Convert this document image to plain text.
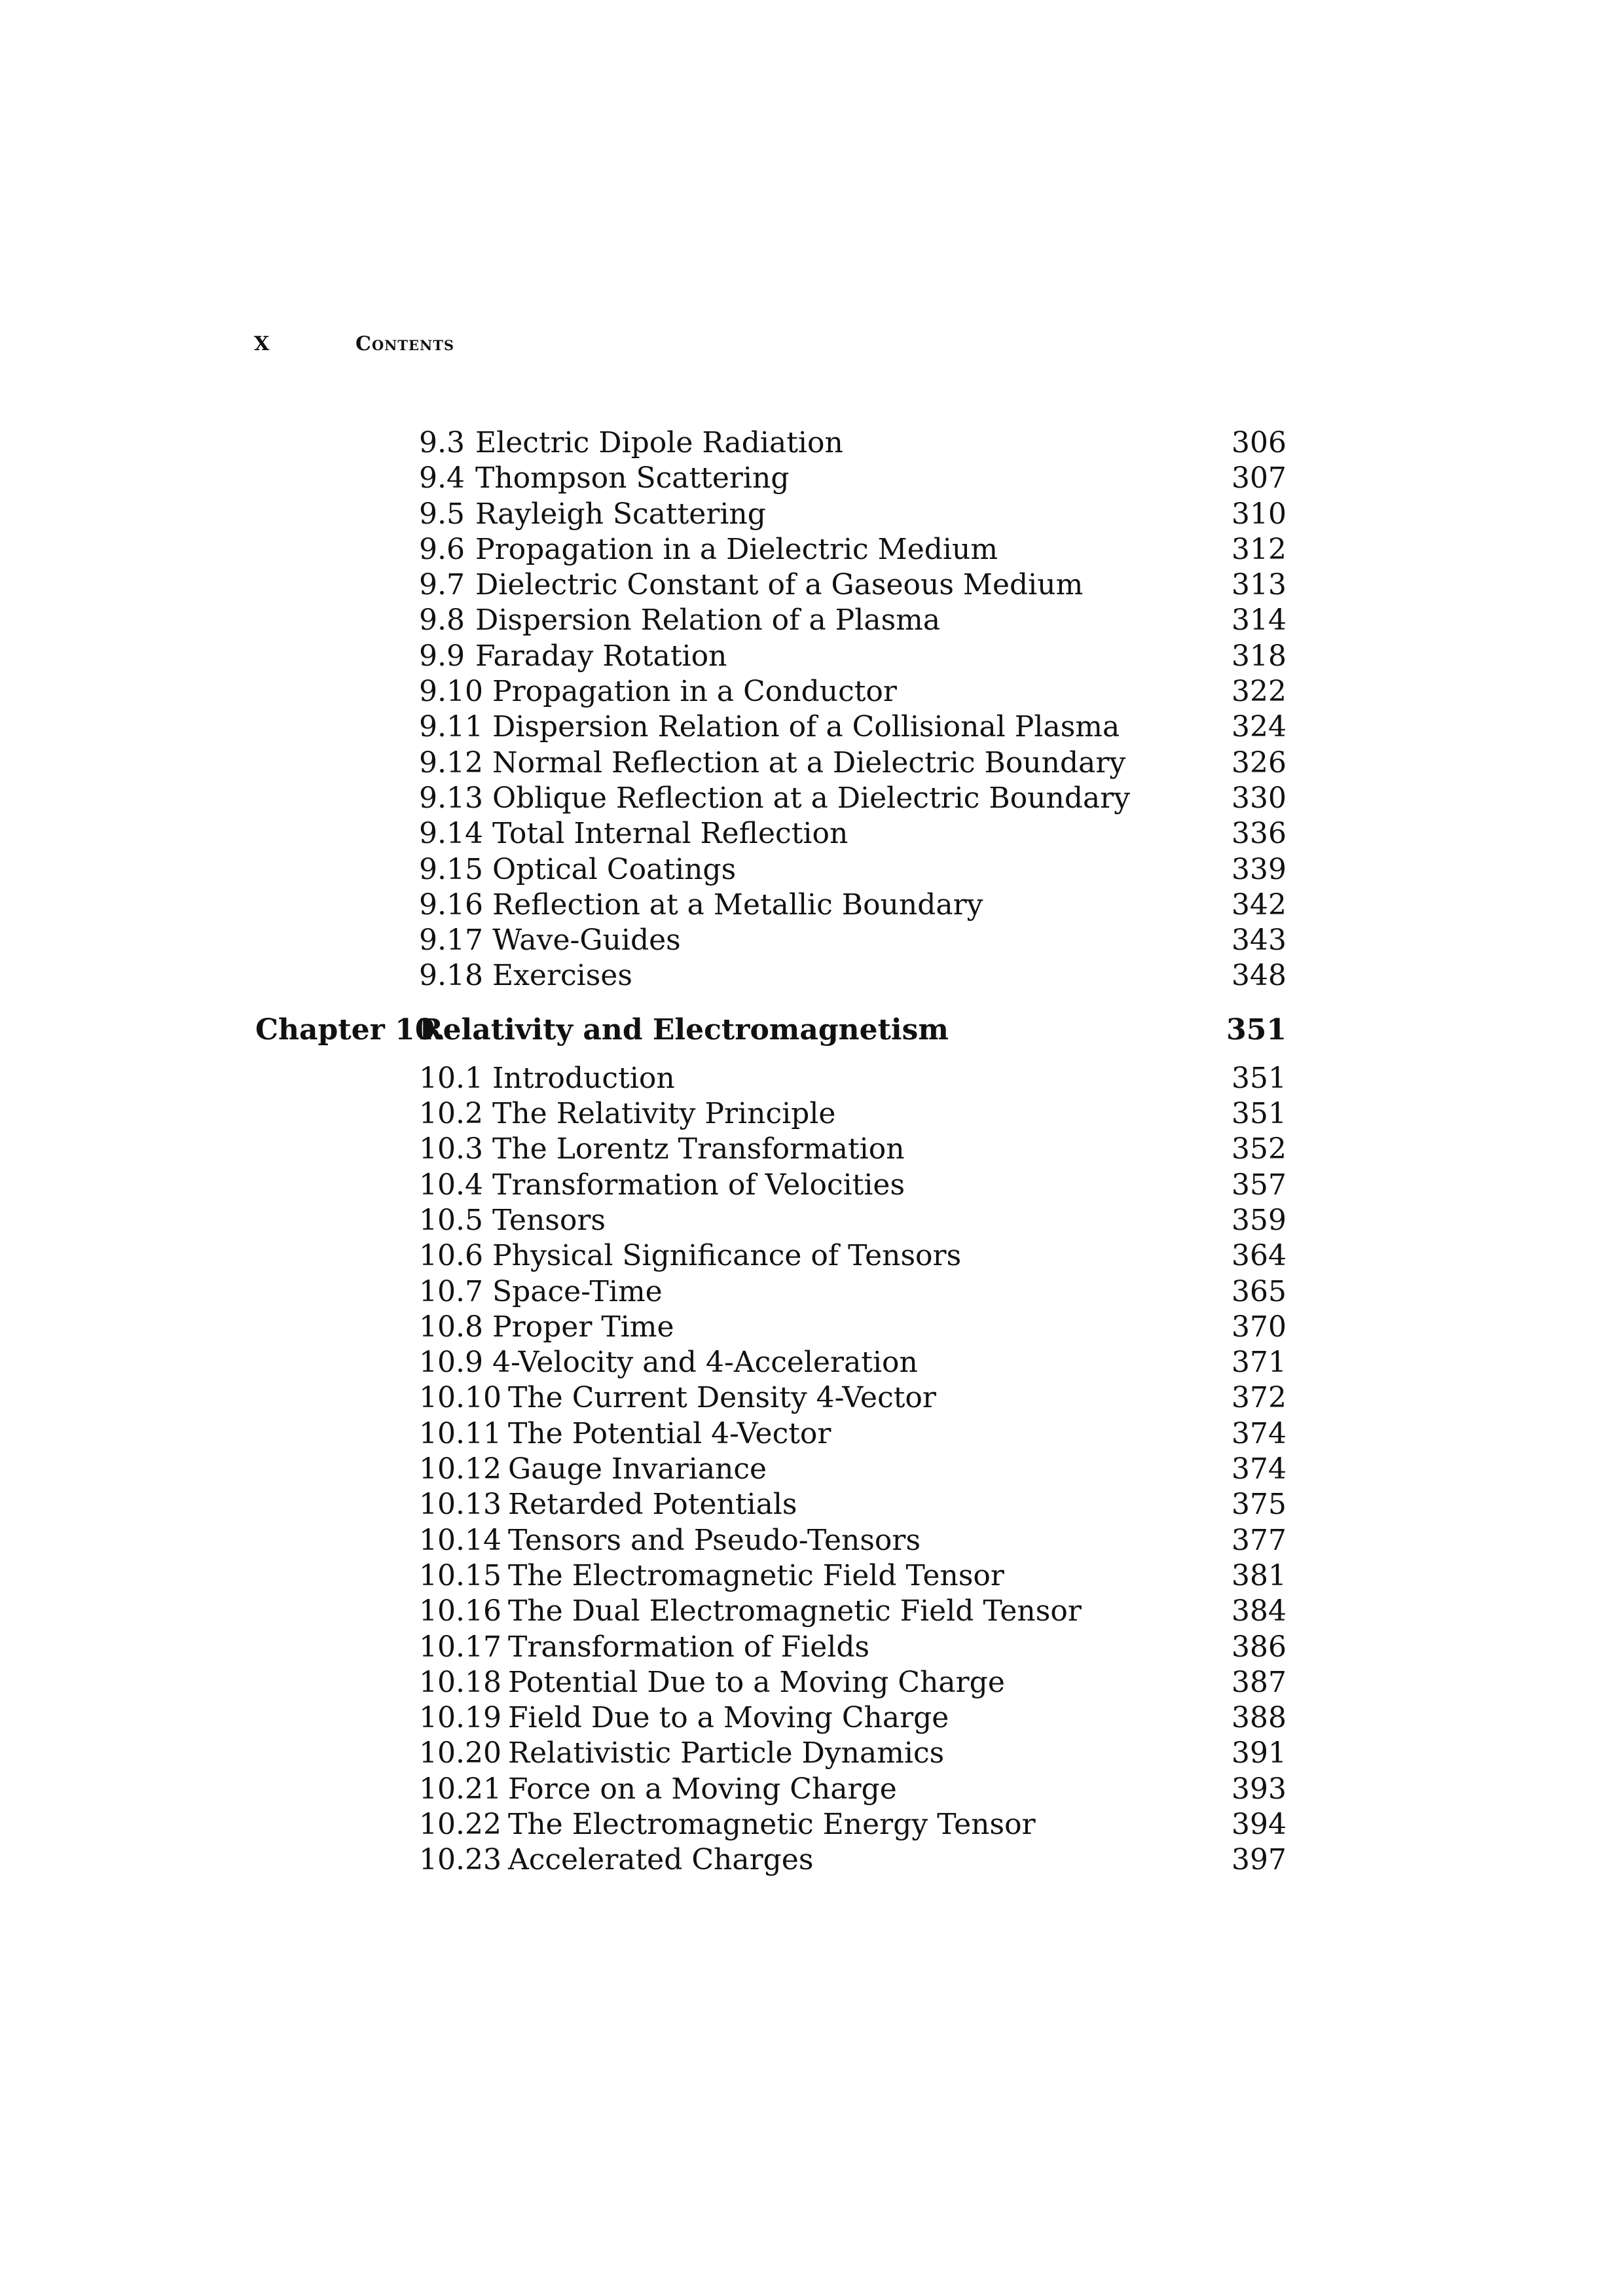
X	Contents
9.3 Electric Dipole Radiation	306
9.4 Thompson Scattering	307
9.5 Rayleigh Scattering	310
9.6 Propagation in a Dielectric Medium	312
9.7 Dielectric Constant of a Gaseous Medium	313
9.8 Dispersion Relation of a Plasma	314
9.9 Faraday Rotation	318
9.10 Propagation in a Conductor	322
9.11 Dispersion Relation of a Collisional Plasma	324
9.12 Normal Reflection at a Dielectric Boundary	326
9.13 Oblique Reflection at a Dielectric Boundary	330
9.14 Total Internal Reflection	336
9.15 Optical Coatings	339
9.16 Reflection at a Metallic Boundary	342
9.17 Wave-Guides	343
9.18 Exercises	348
Chapter 10.
Relativity and Electromagnetism	351
10.1 Introduction	351
10.2 The Relativity Principle	351
10.3 The Lorentz Transformation	352
10.4 Transformation of Velocities	357
10.5 Tensors	359
10.6 Physical Significance of Tensors	364
10.7 Space-Time	365
10.8 Proper Time	370
10.9 4-Velocity and 4-Acceleration	371
10.10 The Current Density 4-Vector	372
10.11 The Potential 4-Vector	374
10.12 Gauge Invariance	374
10.13 Retarded Potentials	375
10.14 Tensors and Pseudo-Tensors	377
10.15 The Electromagnetic Field Tensor	381
10.16 The Dual Electromagnetic Field Tensor	384
10.17 Transformation of Fields	386
10.18 Potential Due to a Moving Charge	387
10.19 Field Due to a Moving Charge	388
10.20 Relativistic Particle Dynamics	391
10.21 Force on a Moving Charge	393
10.22 The Electromagnetic Energy Tensor	394
10.23 Accelerated Charges	397
